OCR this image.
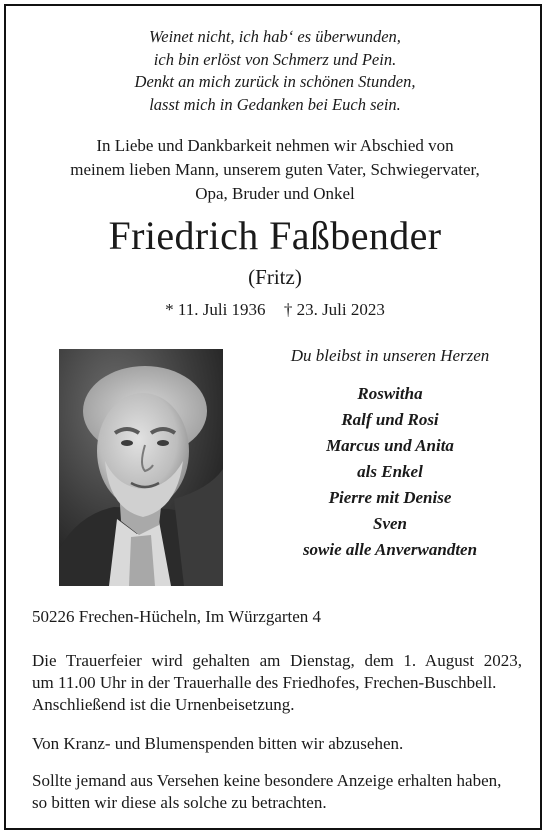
Weinet nicht, ich hab‘ es überwunden,
ich bin erlöst von Schmerz und Pein.
Denkt an mich zurück in schönen Stunden,
lasst mich in Gedanken bei Euch sein.
In Liebe und Dankbarkeit nehmen wir Abschied von
meinem lieben Mann, unserem guten Vater, Schwiegervater,
Opa, Bruder und Onkel
Friedrich Faßbender
(Fritz)
* 11. Juli 1936 † 23. Juli 2023
Du bleibst in unseren Herzen
Roswitha
Ralf und Rosi
Marcus und Anita
als Enkel
Pierre mit Denise
Sven
sowie alle Anverwandten
50226 Frechen-Hücheln, Im Würzgarten 4
Die Trauerfeier wird gehalten am Dienstag, dem 1. August 2023,
um 11.00 Uhr in der Trauerhalle des Friedhofes, Frechen-Buschbell.
Anschließend ist die Urnenbeisetzung.
Von Kranz- und Blumenspenden bitten wir abzusehen.
Sollte jemand aus Versehen keine besondere Anzeige erhalten haben,
so bitten wir diese als solche zu betrachten.
